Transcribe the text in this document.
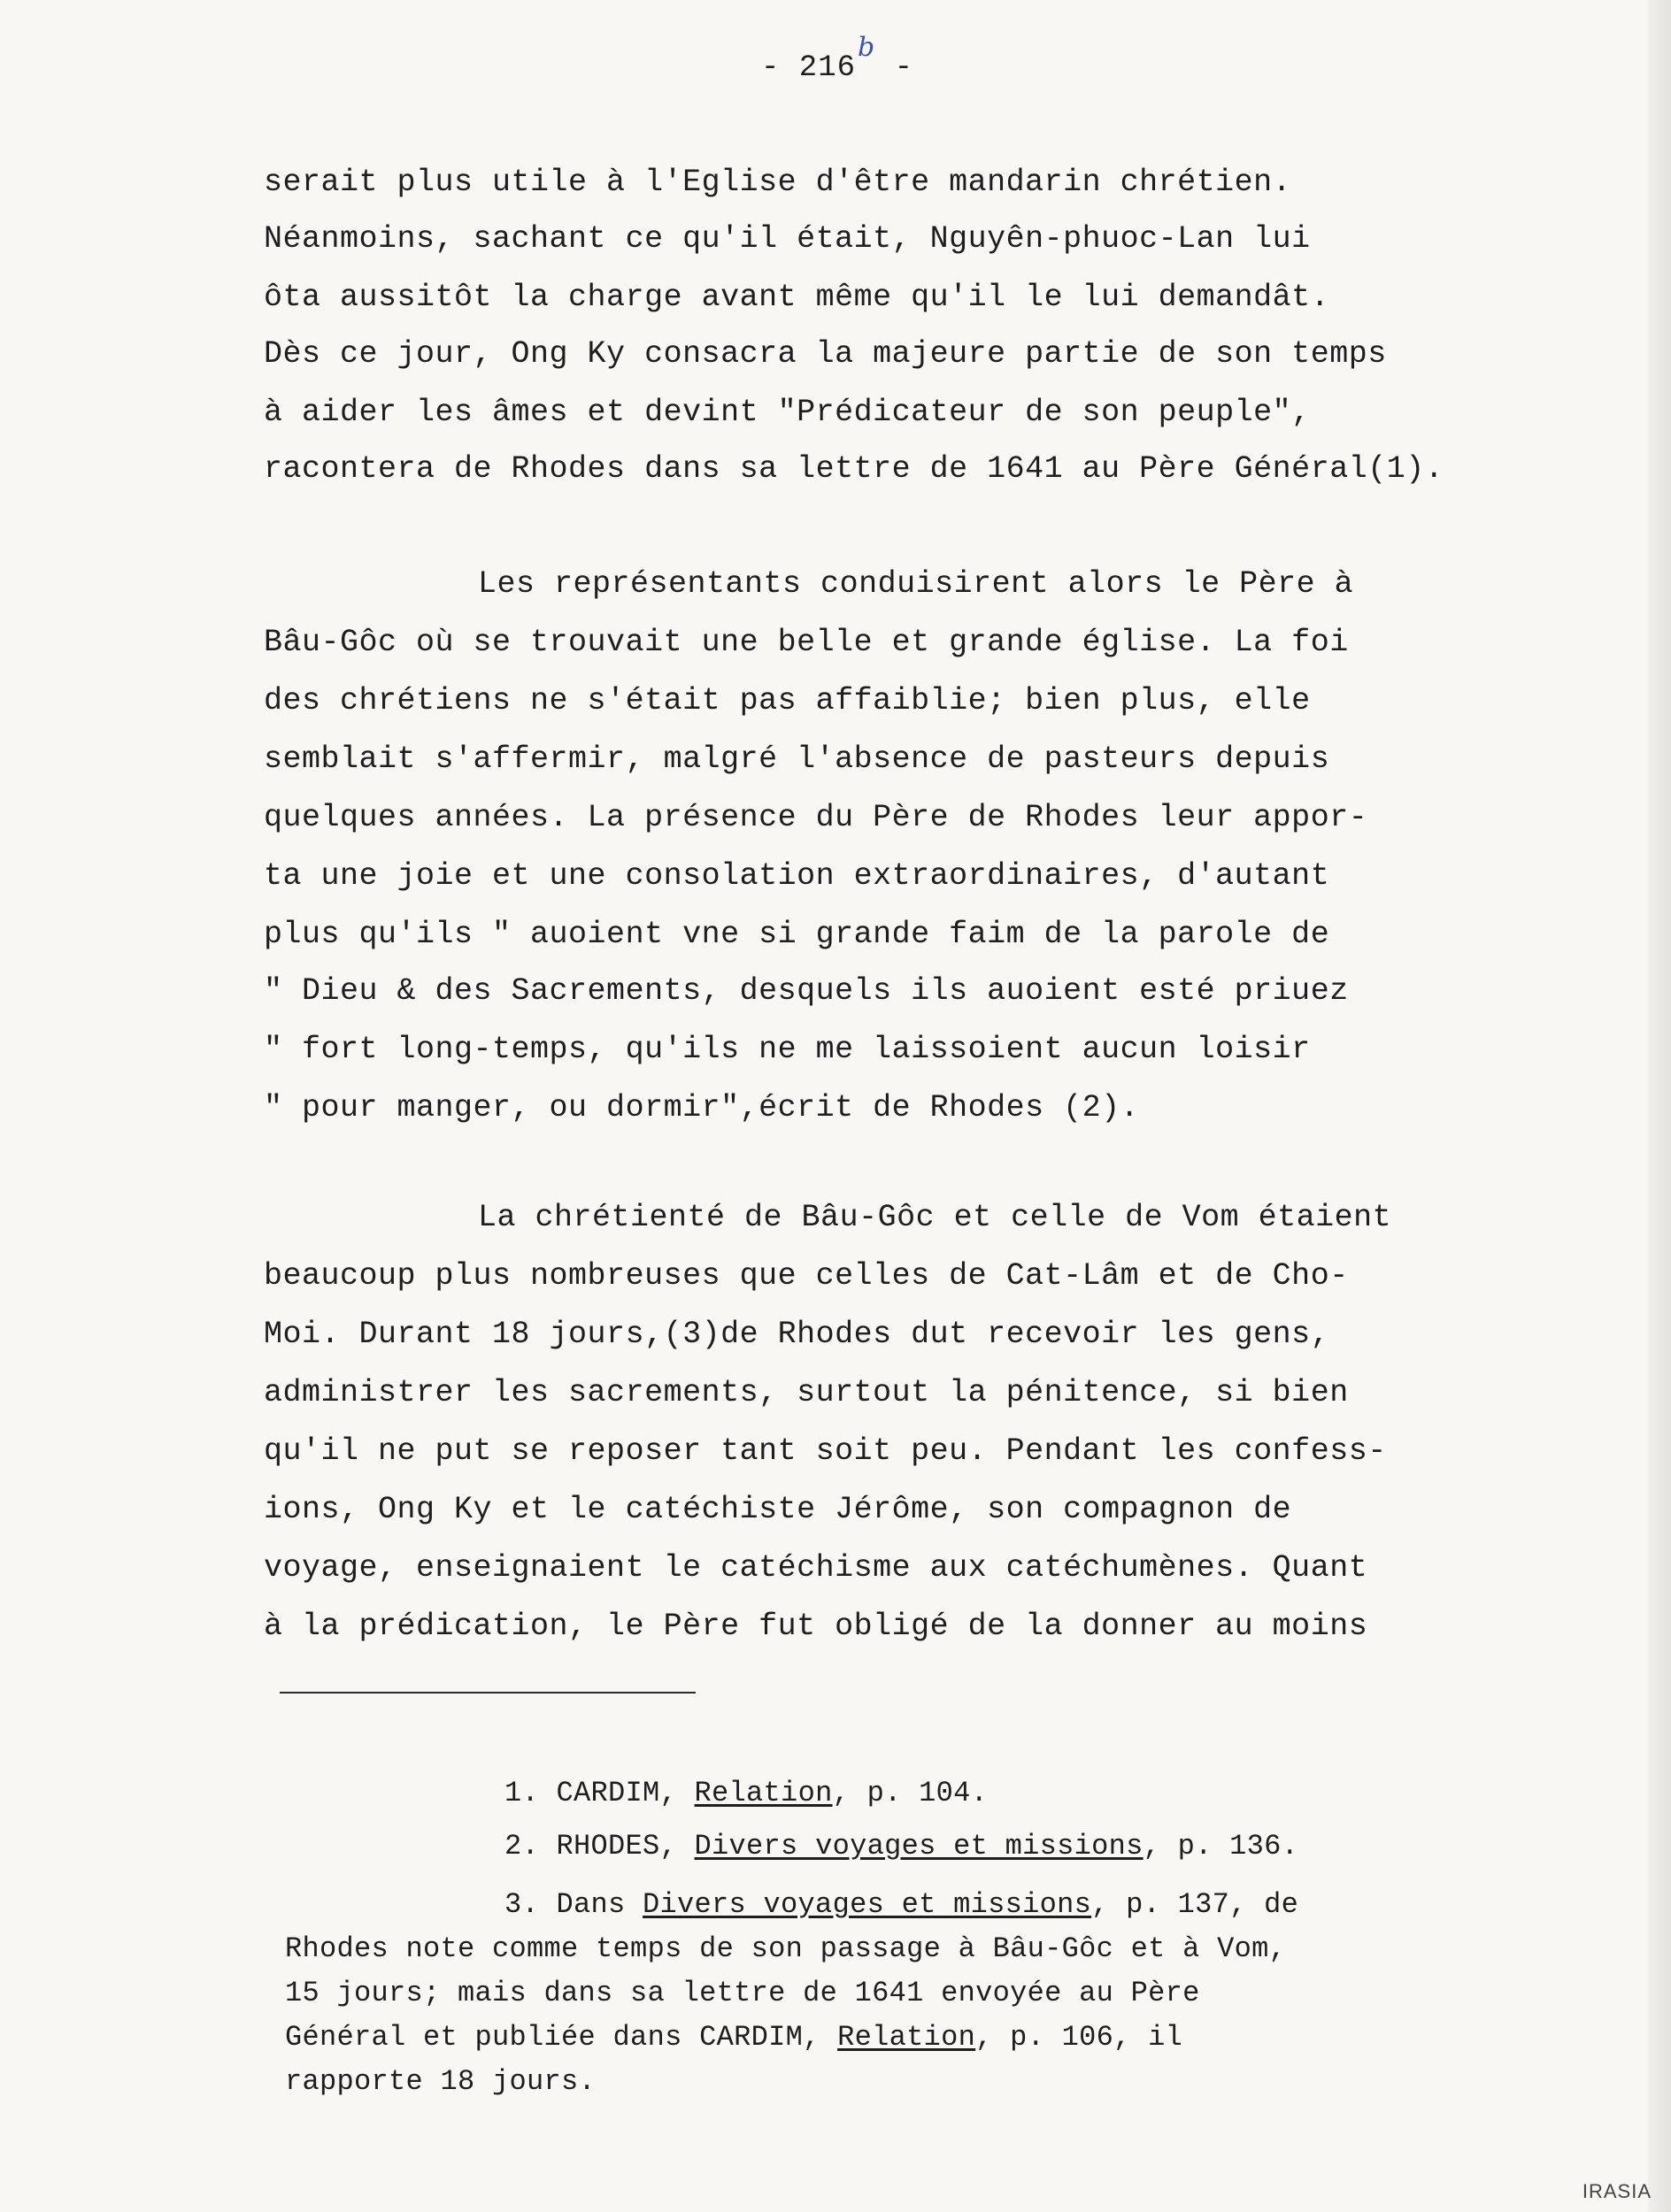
- 216b -
serait plus utile à l'Eglise d'être mandarin chrétien.
Néanmoins, sachant ce qu'il était, Nguyên-phuoc-Lan lui
ôta aussitôt la charge avant même qu'il le lui demandât.
Dès ce jour, Ong Ky consacra la majeure partie de son temps
à aider les âmes et devint "Prédicateur de son peuple",
racontera de Rhodes dans sa lettre de 1641 au Père Général(1).
Les représentants conduisirent alors le Père à
Bâu-Gôc où se trouvait une belle et grande église. La foi
des chrétiens ne s'était pas affaiblie; bien plus, elle
semblait s'affermir, malgré l'absence de pasteurs depuis
quelques années. La présence du Père de Rhodes leur appor-
ta une joie et une consolation extraordinaires, d'autant
plus qu'ils " auoient vne si grande faim de la parole de
" Dieu & des Sacrements, desquels ils auoient esté priuez
" fort long-temps, qu'ils ne me laissoient aucun loisir
" pour manger, ou dormir",écrit de Rhodes (2).
La chrétienté de Bâu-Gôc et celle de Vom étaient
beaucoup plus nombreuses que celles de Cat-Lâm et de Cho-
Moi. Durant 18 jours,(3)de Rhodes dut recevoir les gens,
administrer les sacrements, surtout la pénitence, si bien
qu'il ne put se reposer tant soit peu. Pendant les confess-
ions, Ong Ky et le catéchiste Jérôme, son compagnon de
voyage, enseignaient le catéchisme aux catéchumènes. Quant
à la prédication, le Père fut obligé de la donner au moins
1. CARDIM, Relation, p. 104.
2. RHODES, Divers voyages et missions, p. 136.
3. Dans Divers voyages et missions, p. 137, de
Rhodes note comme temps de son passage à Bâu-Gôc et à Vom,
15 jours; mais dans sa lettre de 1641 envoyée au Père
Général et publiée dans CARDIM, Relation, p. 106, il
rapporte 18 jours.
IRASIA
